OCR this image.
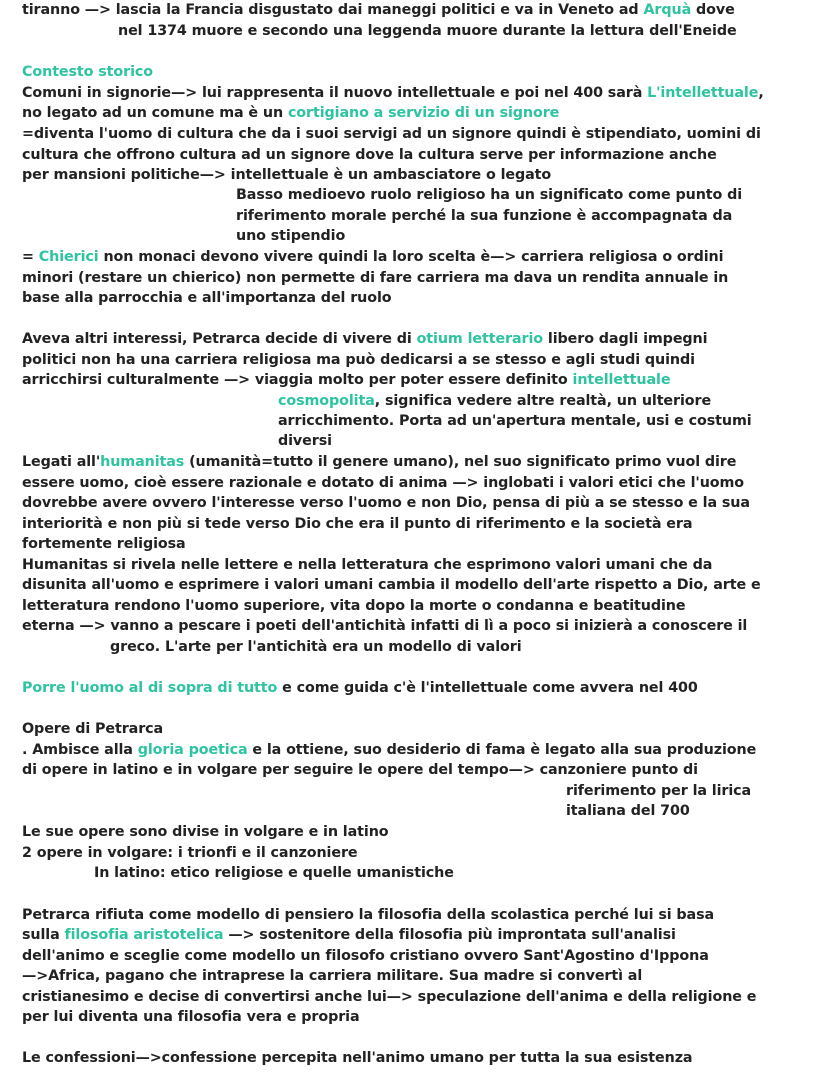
tiranno —> lascia la Francia disgustato dai maneggi politici e va in Veneto ad Arquà dove
nel 1374 muore e secondo una leggenda muore durante la lettura dell'Eneide
Contesto storico
Comuni in signorie—> lui rappresenta il nuovo intellettuale e poi nel 400 sarà L'intellettuale,
no legato ad un comune ma è un cortigiano a servizio di un signore
=diventa l'uomo di cultura che da i suoi servigi ad un signore quindi è stipendiato, uomini di
cultura che offrono cultura ad un signore dove la cultura serve per informazione anche
per mansioni politiche—> intellettuale è un ambasciatore o legato
Basso medioevo ruolo religioso ha un significato come punto di
riferimento morale perché la sua funzione è accompagnata da
uno stipendio
= Chierici non monaci devono vivere quindi la loro scelta è—> carriera religiosa o ordini
minori (restare un chierico) non permette di fare carriera ma dava un rendita annuale in
base alla parrocchia e all'importanza del ruolo
Aveva altri interessi, Petrarca decide di vivere di otium letterario libero dagli impegni
politici non ha una carriera religiosa ma può dedicarsi a se stesso e agli studi quindi
arricchirsi culturalmente —> viaggia molto per poter essere definito intellettuale
cosmopolita, significa vedere altre realtà, un ulteriore
arricchimento. Porta ad un'apertura mentale, usi e costumi
diversi
Legati all'humanitas (umanità=tutto il genere umano), nel suo significato primo vuol dire
essere uomo, cioè essere razionale e dotato di anima —> inglobati i valori etici che l'uomo
dovrebbe avere ovvero l'interesse verso l'uomo e non Dio, pensa di più a se stesso e la sua
interiorità e non più si tede verso Dio che era il punto di riferimento e la società era
fortemente religiosa
Humanitas si rivela nelle lettere e nella letteratura che esprimono valori umani che da
disunita all'uomo e esprimere i valori umani cambia il modello dell'arte rispetto a Dio, arte e
letteratura rendono l'uomo superiore, vita dopo la morte o condanna e beatitudine
eterna —> vanno a pescare i poeti dell'antichità infatti di lì a poco si inizierà a conoscere il
greco. L'arte per l'antichità era un modello di valori
Porre l'uomo al di sopra di tutto e come guida c'è l'intellettuale come avvera nel 400
Opere di Petrarca
. Ambisce alla gloria poetica e la ottiene, suo desiderio di fama è legato alla sua produzione
di opere in latino e in volgare per seguire le opere del tempo—> canzoniere punto di
riferimento per la lirica
italiana del 700
Le sue opere sono divise in volgare e in latino
2 opere in volgare: i trionfi e il canzoniere
In latino: etico religiose e quelle umanistiche
Petrarca rifiuta come modello di pensiero la filosofia della scolastica perché lui si basa
sulla filosofia aristotelica —> sostenitore della filosofia più improntata sull'analisi
dell'animo e sceglie come modello un filosofo cristiano ovvero Sant'Agostino d'Ippona
—>Africa, pagano che intraprese la carriera militare. Sua madre si convertì al
cristianesimo e decise di convertirsi anche lui—> speculazione dell'anima e della religione e
per lui diventa una filosofia vera e propria
Le confessioni—>confessione percepita nell'animo umano per tutta la sua esistenza
